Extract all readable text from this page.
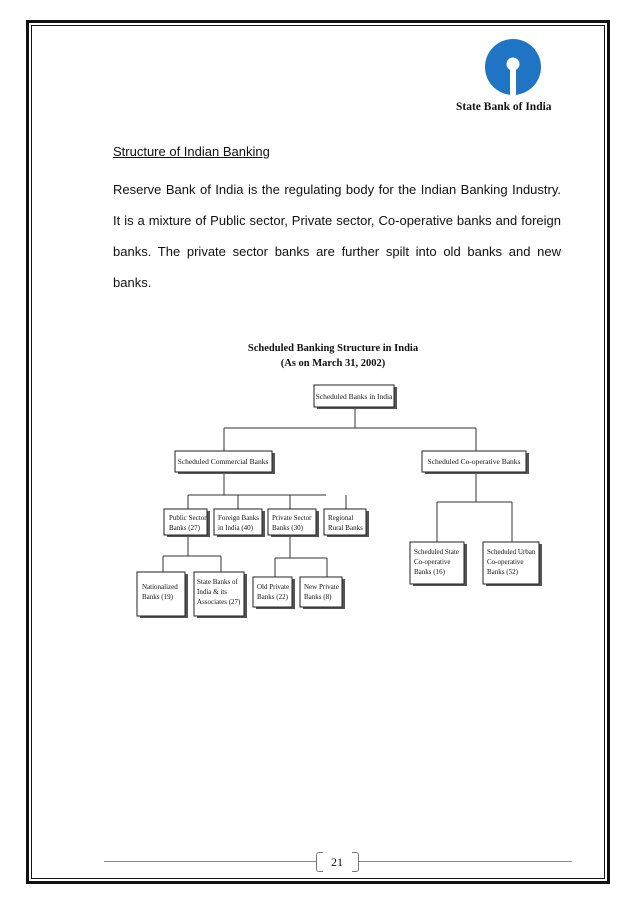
State Bank of India
Structure of Indian Banking

Reserve Bank of India is the regulating body for the Indian Banking Industry. It is a mixture of Public sector, Private sector, Co-operative banks and foreign banks. The private sector banks are further spilt into old banks and new banks.

Scheduled Banking Structure in India
(As on March 31, 2002)
Scheduled Banks in India
Scheduled Commercial Banks	Scheduled Co-operative Banks
Public Sector
Banks (27)
Foreign Banks
in India (40)
Private Sector
Banks (30)
Regional
Rural Banks
Nationalized
Banks (19)
State Banks of
India & its
Associates (27)
Old Private
Banks (22)
New Private
Banks (8)
Scheduled State
Co-operative
Banks (16)
Scheduled Urban
Co-operative
Banks (52)
21
